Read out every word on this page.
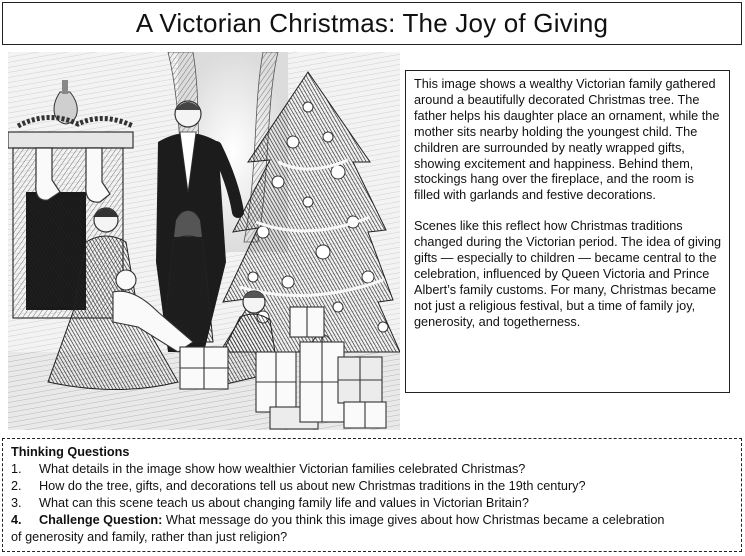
A Victorian Christmas: The Joy of Giving

This image shows a wealthy Victorian family gathered around a beautifully decorated Christmas tree. The father helps his daughter place an ornament, while the mother sits nearby holding the youngest child. The children are surrounded by neatly wrapped gifts, showing excitement and happiness. Behind them, stockings hang over the fireplace, and the room is filled with garlands and festive decorations.

Scenes like this reflect how Christmas traditions changed during the Victorian period. The idea of giving gifts — especially to children — became central to the celebration, influenced by Queen Victoria and Prince Albert’s family customs. For many, Christmas became not just a religious festival, but a time of family joy, generosity, and togetherness.

Thinking Questions
1.	What details in the image show how wealthier Victorian families celebrated Christmas?
2.	How do the tree, gifts, and decorations tell us about new Christmas traditions in the 19th century?
3.	What can this scene teach us about changing family life and values in Victorian Britain?
4.	Challenge Question: What message do you think this image gives about how Christmas became a celebration
of generosity and family, rather than just religion?
